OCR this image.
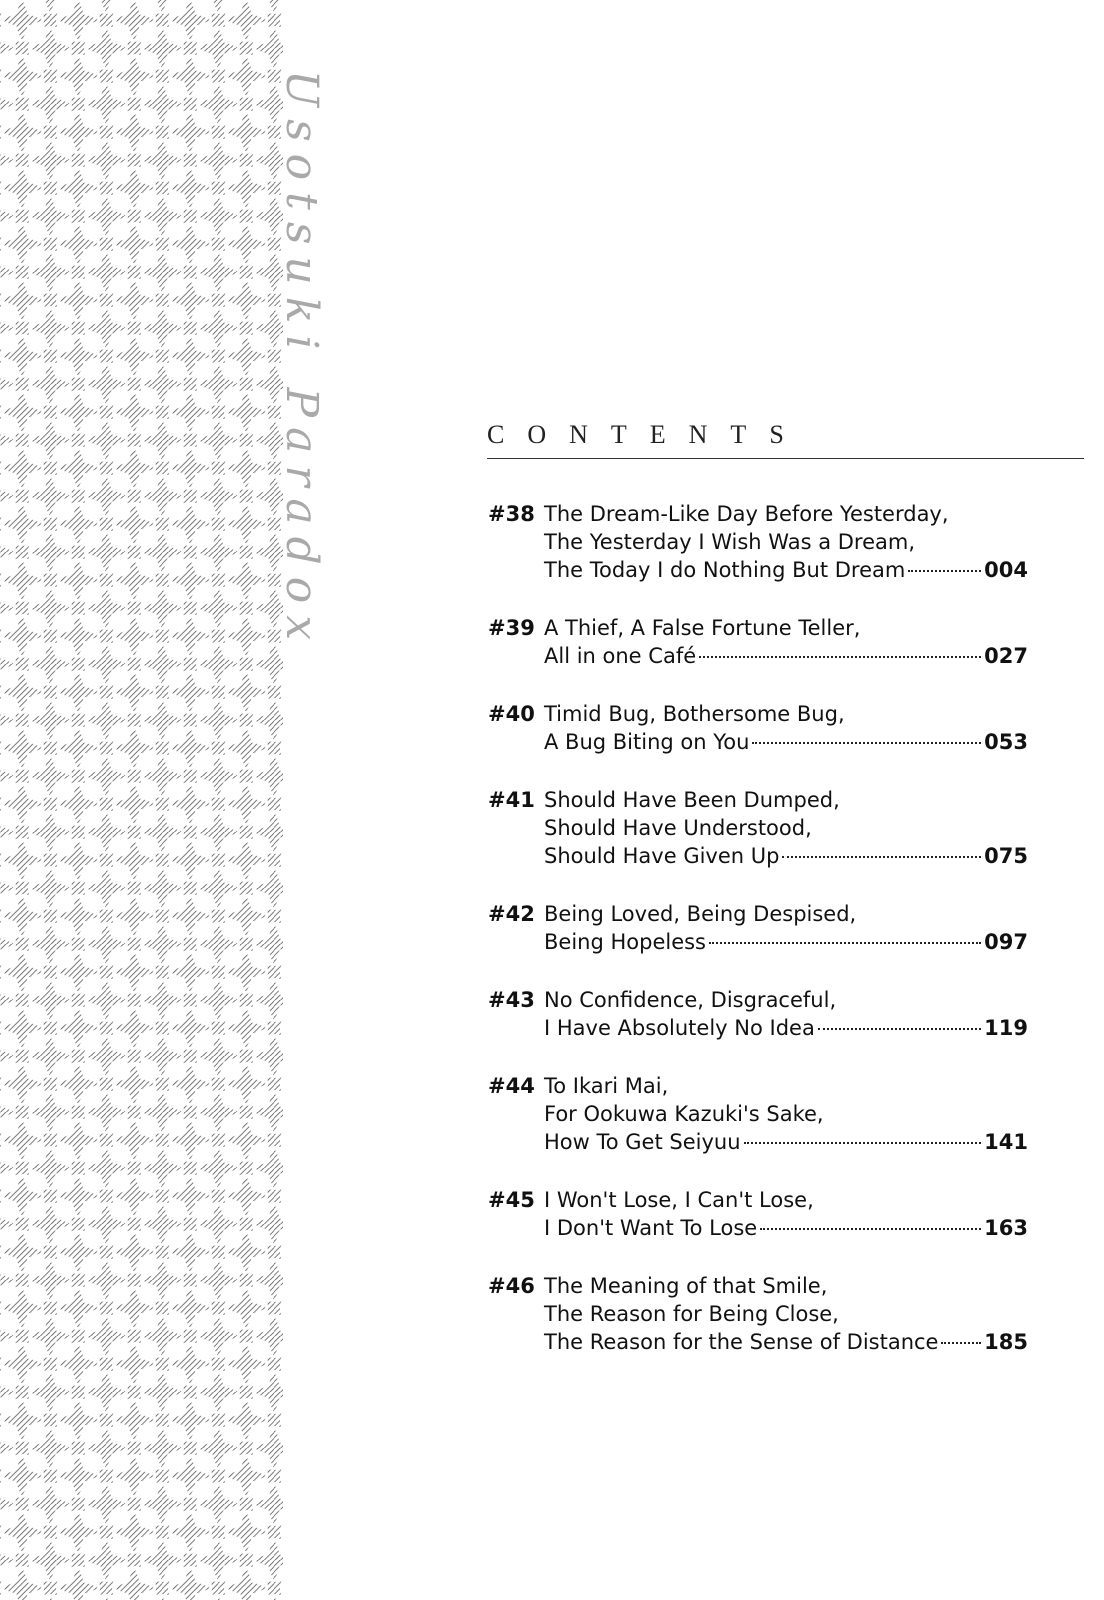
Usotsuki Paradox	CONTENTS
#38 The Dream-Like Day Before Yesterday,
The Yesterday I Wish Was a Dream,
The Today I do Nothing But Dream	004
#39 A Thief, A False Fortune Teller,
All in one Café	027
#40 Timid Bug, Bothersome Bug,
A Bug Biting on You	053
#41 Should Have Been Dumped,
Should Have Understood,
Should Have Given Up	075
#42 Being Loved, Being Despised,
Being Hopeless	097
#43 No Confidence, Disgraceful,
I Have Absolutely No Idea	119
#44 To Ikari Mai,
For Ookuwa Kazuki's Sake,
How To Get Seiyuu	141
#45 I Won't Lose, I Can't Lose,
I Don't Want To Lose	163
#46 The Meaning of that Smile,
The Reason for Being Close,
The Reason for the Sense of Distance 185
